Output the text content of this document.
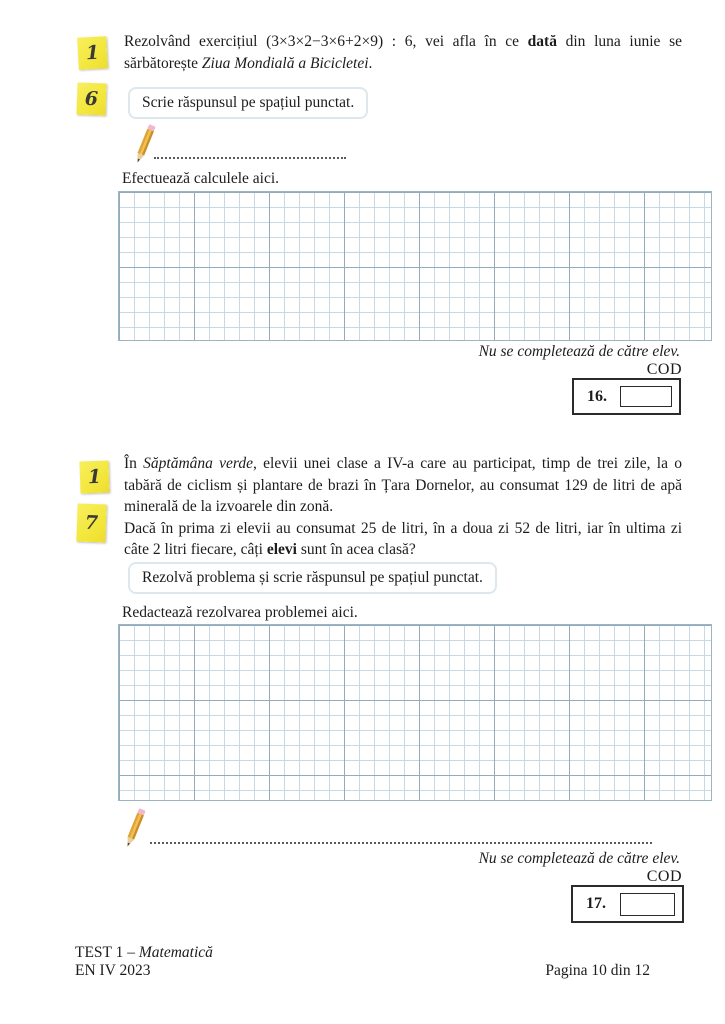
1
6

Rezolvând exercițiul (3×3×2−3×6+2×9) : 6, vei afla în ce dată din luna iunie se sărbătorește Ziua Mondială a Bicicletei.

Scrie răspunsul pe spațiul punctat.
Efectuează calculele aici.
Nu se completează de către elev.
COD
16.
1
7

În Săptămâna verde, elevii unei clase a IV-a care au participat, timp de trei zile, la o tabără de ciclism și plantare de brazi în Țara Dornelor, au consumat 129 de litri de apă minerală de la izvoarele din zonă.

Dacă în prima zi elevii au consumat 25 de litri, în a doua zi 52 de litri, iar în ultima zi câte 2 litri fiecare, câți elevi sunt în acea clasă?

Rezolvă problema și scrie răspunsul pe spațiul punctat.
Redactează rezolvarea problemei aici.
Nu se completează de către elev.
COD
17.
TEST 1 – Matematică
EN IV 2023	Pagina 10 din 12
